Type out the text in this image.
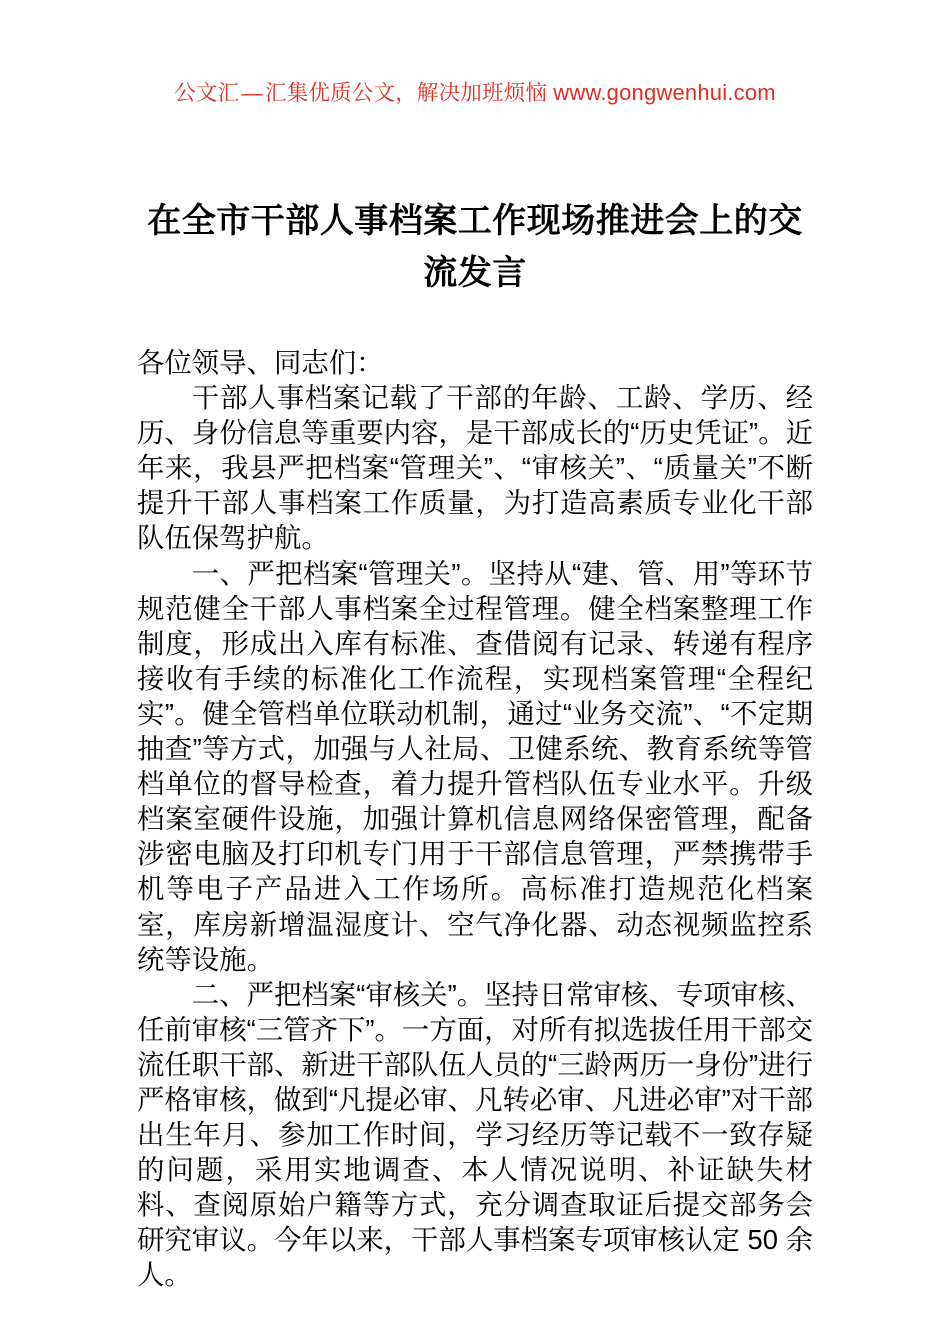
公文汇—汇集优质公文，解决加班烦恼 www.gongwenhui.com
在全市干部人事档案工作现场推进会上的交流发言

各位领导、同志们：

干部人事档案记载了干部的年龄、工龄、学历、经历、身份信息等重要内容，是干部成长的“历史凭证”。近年来，我县严把档案“管理关”、“审核关”、“质量关”不断提升干部人事档案工作质量，为打造高素质专业化干部队伍保驾护航。

一、严把档案“管理关”。坚持从“建、管、用”等环节规范健全干部人事档案全过程管理。健全档案整理工作制度，形成出入库有标准、查借阅有记录、转递有程序接收有手续的标准化工作流程，实现档案管理“全程纪实”。健全管档单位联动机制，通过“业务交流”、“不定期抽查”等方式，加强与人社局、卫健系统、教育系统等管档单位的督导检查，着力提升管档队伍专业水平。升级档案室硬件设施，加强计算机信息网络保密管理，配备涉密电脑及打印机专门用于干部信息管理，严禁携带手机等电子产品进入工作场所。高标准打造规范化档案室，库房新增温湿度计、空气净化器、动态视频监控系统等设施。

二、严把档案“审核关”。坚持日常审核、专项审核、任前审核“三管齐下”。一方面，对所有拟选拔任用干部交流任职干部、新进干部队伍人员的“三龄两历一身份”进行严格审核，做到“凡提必审、凡转必审、凡进必审”对干部出生年月、参加工作时间，学习经历等记载不一致存疑的问题，采用实地调查、本人情况说明、补证缺失材料、查阅原始户籍等方式，充分调查取证后提交部务会研究审议。今年以来，干部人事档案专项审核认定 50 余人。
